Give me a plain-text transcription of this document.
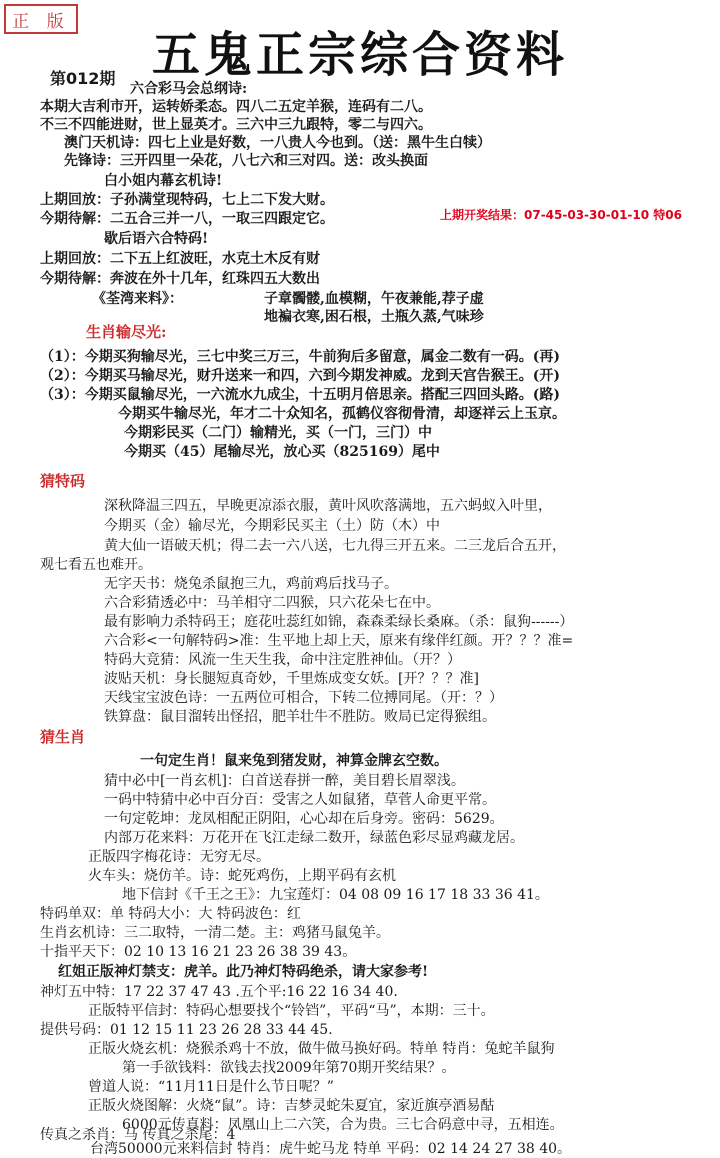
正 版
五鬼正宗综合资料
第012期
上期开奖结果：07-45-03-30-01-10 特06
六合彩马会总纲诗:
本期大吉利市开，运转娇柔态。四八二五定羊猴，连码有二八。
不三不四能进财，世上显英才。三六中三九跟特，零二与四六。
澳门天机诗：四七上业是好数，一八贵人今也到。（送：黑牛生白犊）
先锋诗：三开四里一朵花，八七六和三对四。送：改头换面
白小姐内幕玄机诗!
上期回放：子孙满堂现特码，七上二下发大财。
今期待解：二五合三并一八，一取三四跟定它。
歇后语六合特码!
上期回放：二下五上红波旺，水克土木反有财
今期待解：奔波在外十几年，红珠四五大数出
《荃湾来料》：	子章髑髅,血模糊，午夜兼能,荐子虚
地褊衣寒,困石根，土瓶久蒸,气味珍
生肖输尽光:
（1）：今期买狗输尽光，三七中奖三万三，牛前狗后多留意，属金二数有一码。(再)
（2）：今期买马输尽光，财升送来一和四，六到今期发神威。龙到天宫告猴王。(开)
（3）：今期买鼠输尽光，一六流水九成尘，十五明月倍思亲。搭配三四回头路。(路)
今期买牛输尽光，年才二十众知名，孤鹤仪容彻骨清，却逐祥云上玉京。
今期彩民买（二门）输精光，买（一门，三门）中
今期买（45）尾输尽光，放心买（825169）尾中
猜特码
深秋降温三四五，早晚更凉添衣服，黄叶风吹落满地，五六蚂蚁入叶里，
今期买（金）输尽光，今期彩民买主（土）防（木）中
黄大仙一语破天机；得二去一六八送，七九得三开五来。二三龙后合五开，
观七看五也难开。
无字天书：烧兔杀鼠抱三九，鸡前鸡后找马子。
六合彩猜透必中：马羊相守二四猴，只六花朵七在中。
最有影响力杀特码王；庭花吐蕊红如锦，森森柔绿长桑麻。（杀：鼠狗------）
六合彩<一句解特码>准：生平地上却上天，原来有缘伴红颜。开？？？准=
特码大竞猜：风流一生天生我，命中注定胜神仙。（开？）
波贴天机：身长腿短真奇妙，千里炼成变女妖。[开？？？准]
天线宝宝波色诗：一五两位可相合，下转二位搏同尾。（开：？）
铁算盘：鼠目溜转出怪招，肥羊壮牛不胜防。败局已定得猴组。
猜生肖
一句定生肖！鼠来兔到猪发财，神算金牌玄空数。
猜中必中[一肖玄机]：白首送春拼一醉，美目碧长眉翠浅。
一码中特猜中必中百分百：受害之人如鼠猪，草菅人命更平常。
一句定乾坤：龙凤相配正阴阳，心心却在后身旁。密码：5629。
内部万花来料：万花开在飞江走绿二数开，绿蓝色彩尽显鸡藏龙居。
正版四字梅花诗：无穷无尽。
火车头：烧仿羊。诗：蛇死鸡伤，上期平码有玄机
地下信封《千王之王》：九宝莲灯：04 08 09 16 17 18 33 36 41。
特码单双：单 特码大小：大 特码波色：红
生肖玄机诗：三二取特，一清二楚。主：鸡猪马鼠兔羊。
十指平天下：02 10 13 16 21 23 26 38 39 43。
红姐正版神灯禁支：虎羊。此乃神灯特码绝杀，请大家参考!
神灯五中特：17 22 37 47 43 .五个平:16 22 16 34 40.
正版特平信封：特码心想要找个“铃铛”，平码“马”，本期：三十。
提供号码：01 12 15 11 23 26 28 33 44 45.
正版火烧玄机：烧猴杀鸡十不放，做牛做马换好码。特单 特肖：兔蛇羊鼠狗
第一手欲钱料：欲钱去找2009年第70期开奖结果？。
曾道人说：“11月11日是什么节日呢？”
正版火烧图解：火烧“鼠”。诗：吉梦灵蛇朱夏宜，家近旗亭酒易酤
6000元传真料：凤凰山上二六笑，合为贵。三七合码意中寻，五相连。
传真之杀肖：马 传真之杀尾：4
台湾50000元来料信封 特肖：虎牛蛇马龙 特单 平码：02 14 24 27 38 40。
